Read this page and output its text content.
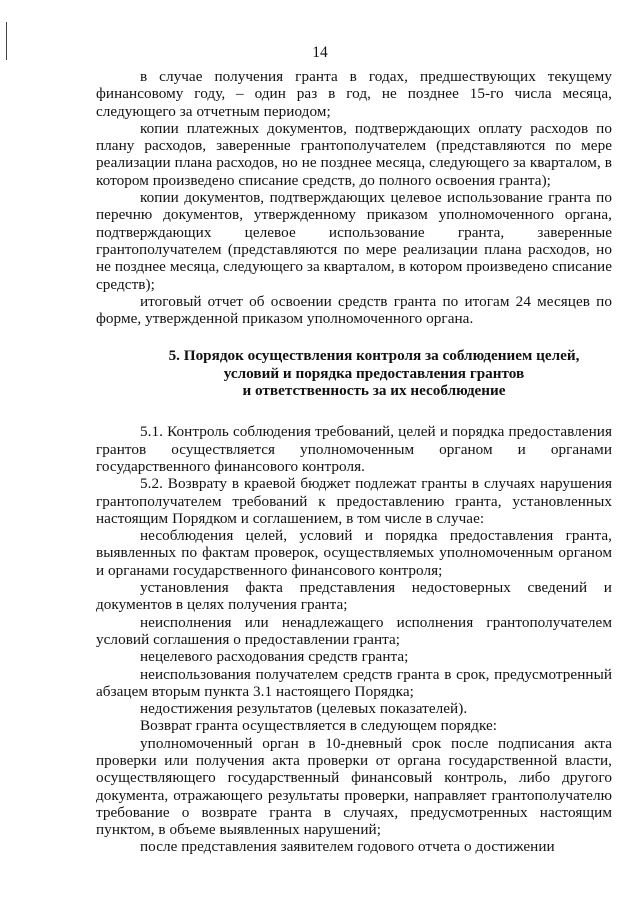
14

в случае получения гранта в годах, предшествующих текущему финансовому году, – один раз в год, не позднее 15-го числа месяца, следующего за отчетным периодом;

копии платежных документов, подтверждающих оплату расходов по плану расходов, заверенные грантополучателем (представляются по мере реализации плана расходов, но не позднее месяца, следующего за кварталом, в котором произведено списание средств, до полного освоения гранта);

копии документов, подтверждающих целевое использование гранта по перечню документов, утвержденному приказом уполномоченного органа, подтверждающих целевое использование гранта, заверенные грантополучателем (представляются по мере реализации плана расходов, но не позднее месяца, следующего за кварталом, в котором произведено списание средств);

итоговый отчет об освоении средств гранта по итогам 24 месяцев по форме, утвержденной приказом уполномоченного органа.

5. Порядок осуществления контроля за соблюдением целей,
условий и порядка предоставления грантов
и ответственность за их несоблюдение

5.1. Контроль соблюдения требований, целей и порядка предоставления грантов осуществляется уполномоченным органом и органами государственного финансового контроля.

5.2. Возврату в краевой бюджет подлежат гранты в случаях нарушения грантополучателем требований к предоставлению гранта, установленных настоящим Порядком и соглашением, в том числе в случае:

несоблюдения целей, условий и порядка предоставления гранта, выявленных по фактам проверок, осуществляемых уполномоченным органом и органами государственного финансового контроля;

установления факта представления недостоверных сведений и документов в целях получения гранта;

неисполнения или ненадлежащего исполнения грантополучателем условий соглашения о предоставлении гранта;

нецелевого расходования средств гранта;

неиспользования получателем средств гранта в срок, предусмотренный абзацем вторым пункта 3.1 настоящего Порядка;

недостижения результатов (целевых показателей).

Возврат гранта осуществляется в следующем порядке:

уполномоченный орган в 10-дневный срок после подписания акта проверки или получения акта проверки от органа государственной власти, осуществляющего государственный финансовый контроль, либо другого документа, отражающего результаты проверки, направляет грантополучателю требование о возврате гранта в случаях, предусмотренных настоящим пунктом, в объеме выявленных нарушений;

после представления заявителем годового отчета о достижении
